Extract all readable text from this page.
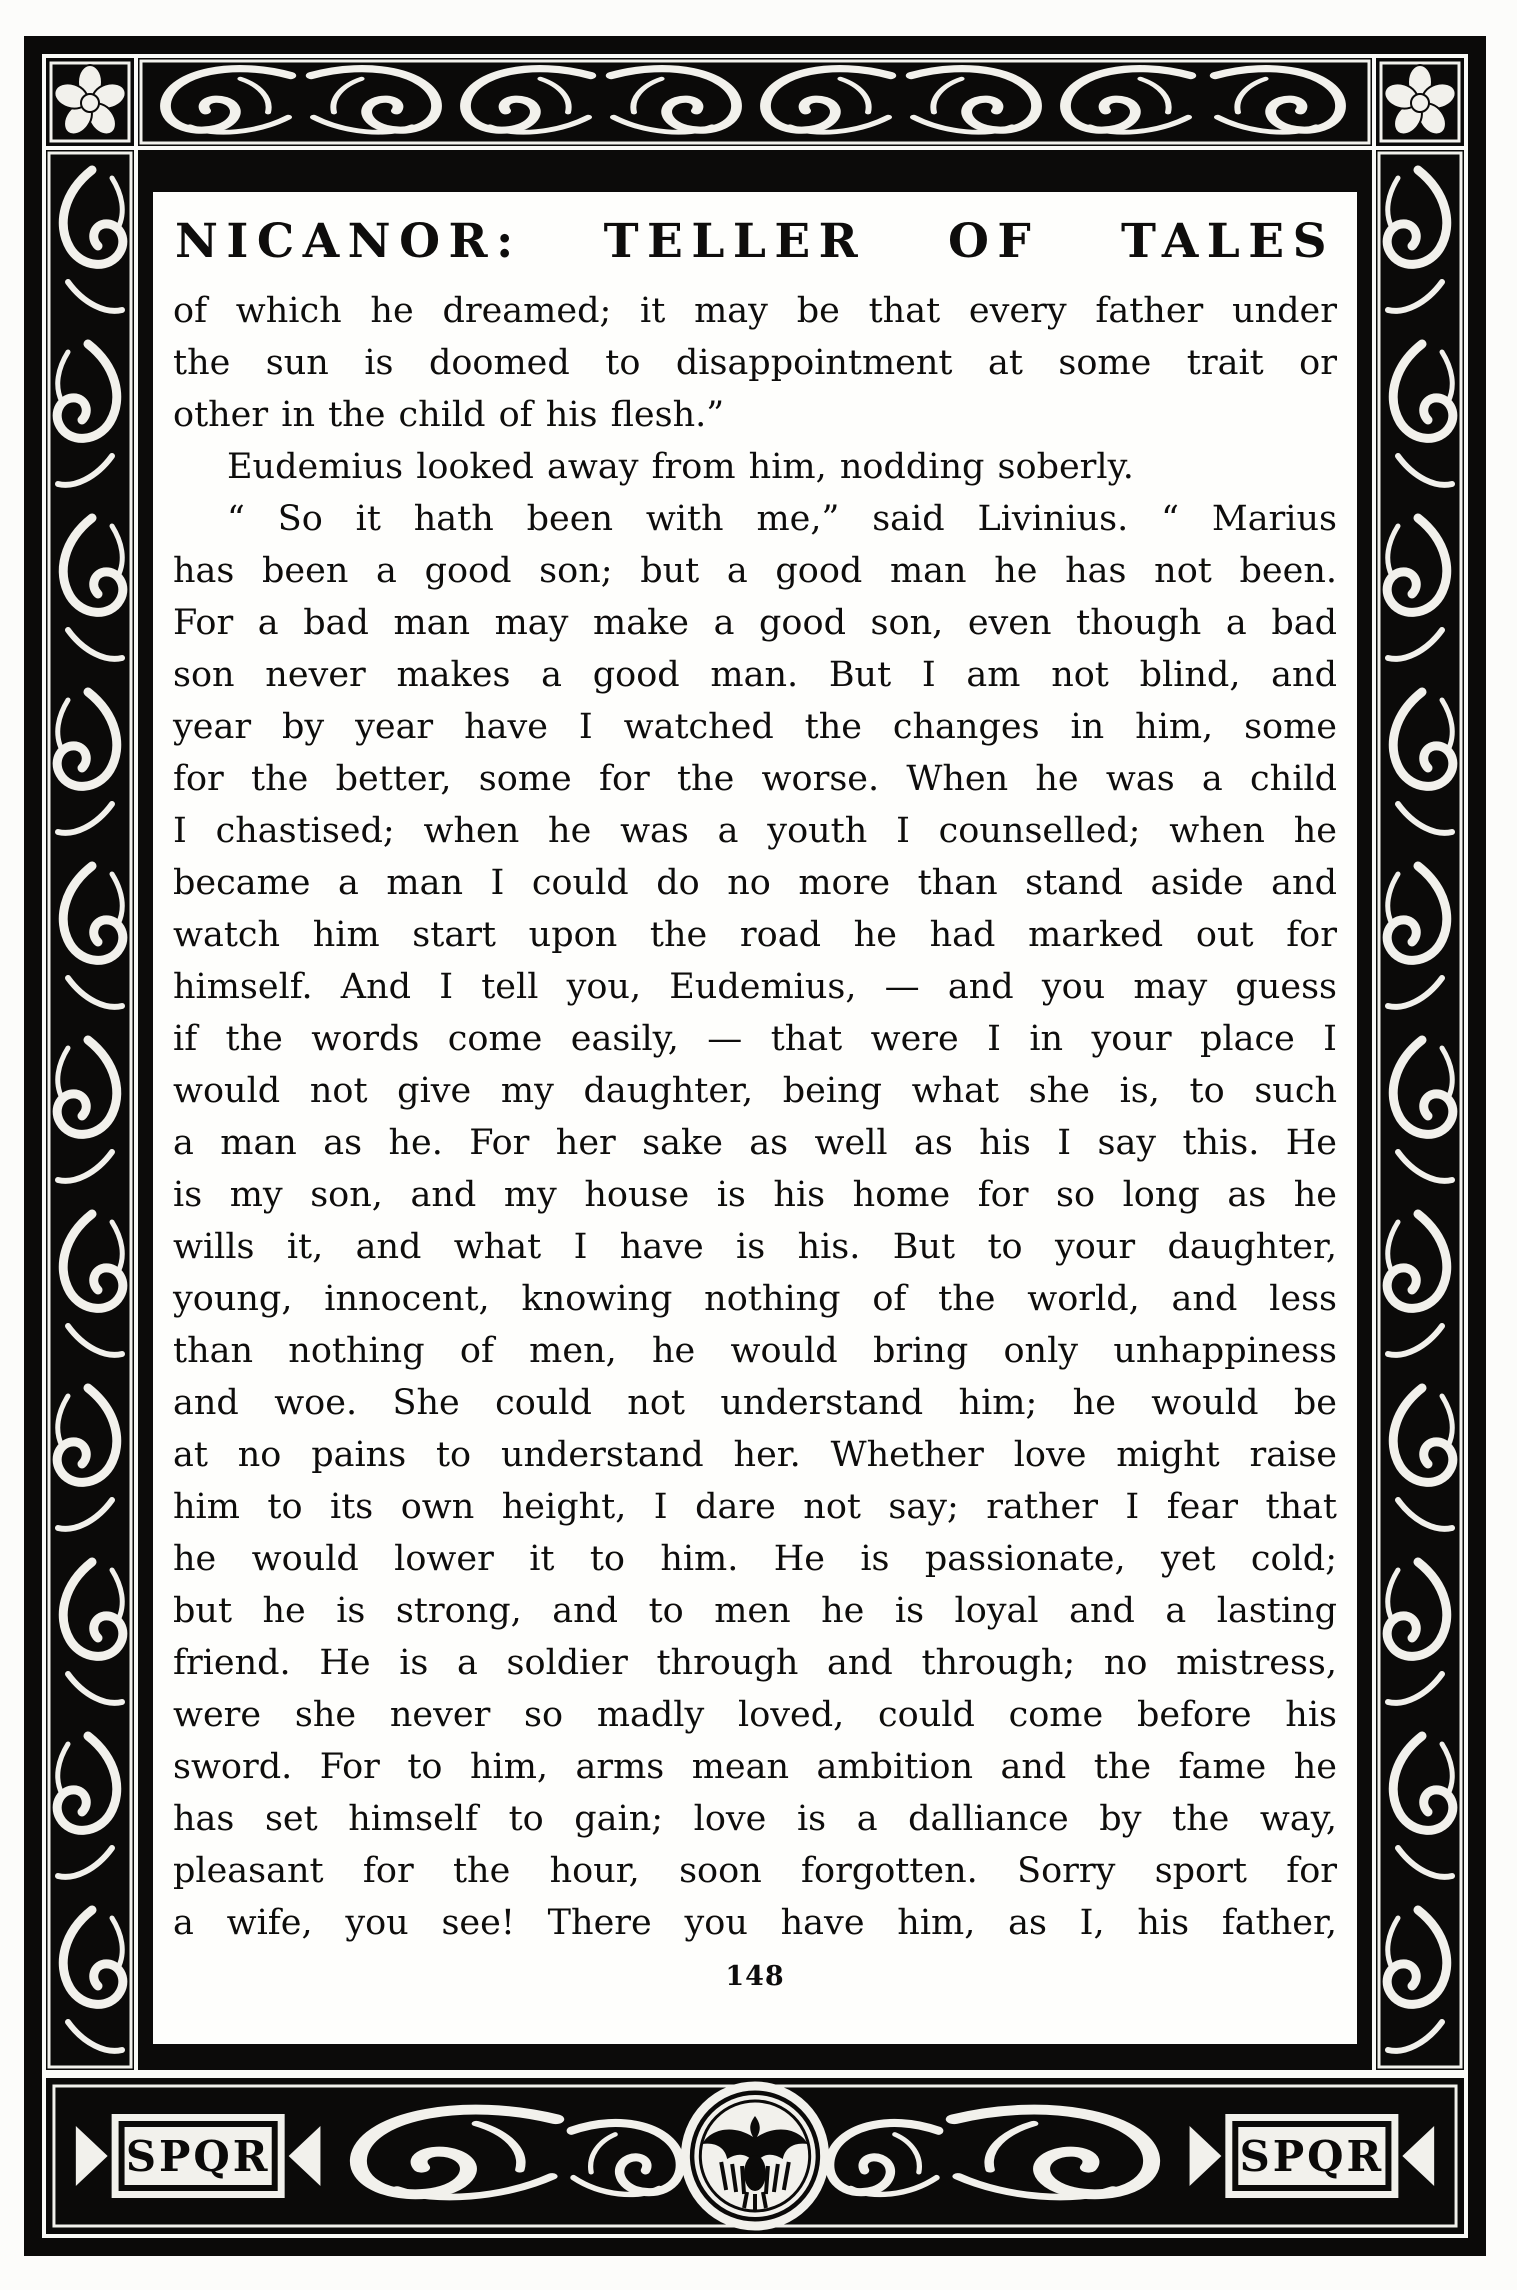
SPQR	SPQR
NICANOR: TELLER OF TALES
of which he dreamed; it may be that every father under
the sun is doomed to disappointment at some trait or
other in the child of his flesh.”
Eudemius looked away from him, nodding soberly.
“ So it hath been with me,” said Livinius. “ Marius
has been a good son; but a good man he has not been.
For a bad man may make a good son, even though a bad
son never makes a good man. But I am not blind, and
year by year have I watched the changes in him, some
for the better, some for the worse. When he was a child
I chastised; when he was a youth I counselled; when he
became a man I could do no more than stand aside and
watch him start upon the road he had marked out for
himself. And I tell you, Eudemius, — and you may guess
if the words come easily, — that were I in your place I
would not give my daughter, being what she is, to such
a man as he. For her sake as well as his I say this. He
is my son, and my house is his home for so long as he
wills it, and what I have is his. But to your daughter,
young, innocent, knowing nothing of the world, and less
than nothing of men, he would bring only unhappiness
and woe. She could not understand him; he would be
at no pains to understand her. Whether love might raise
him to its own height, I dare not say; rather I fear that
he would lower it to him. He is passionate, yet cold;
but he is strong, and to men he is loyal and a lasting
friend. He is a soldier through and through; no mistress,
were she never so madly loved, could come before his
sword. For to him, arms mean ambition and the fame he
has set himself to gain; love is a dalliance by the way,
pleasant for the hour, soon forgotten. Sorry sport for
a wife, you see! There you have him, as I, his father,
148
